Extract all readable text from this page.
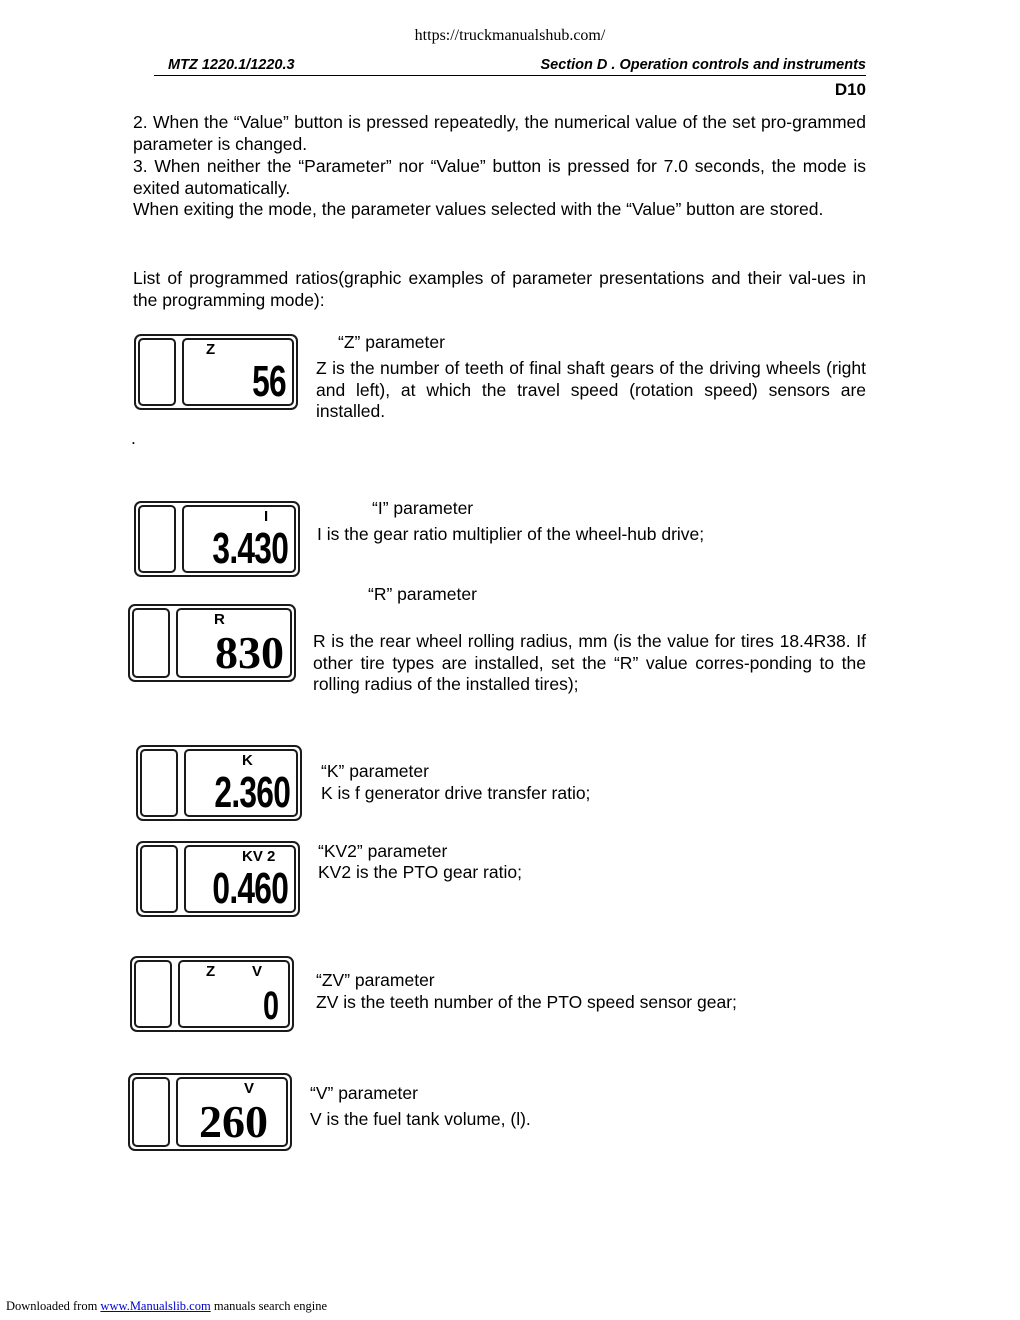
https://truckmanualshub.com/
MTZ 1220.1/1220.3	Section D . Operation controls and instruments
D10
2. When the “Value” button is pressed repeatedly, the numerical value of the set pro-grammed parameter is changed.
3. When neither the “Parameter” nor “Value” button is pressed for 7.0 seconds, the mode is exited automatically.
When exiting the mode, the parameter values selected with the “Value” button are stored.
List of programmed ratios(graphic examples of parameter presentations and their val-ues in the programming mode):
Z
56
“Z” parameter
Z is the number of teeth of final shaft gears of the driving wheels (right and left), at which the travel speed (rotation speed) sensors are installed.
.
I
3.430
“I” parameter
I is the gear ratio multiplier of the wheel-hub drive;
R
830
“R” parameter
R is the rear wheel rolling radius, mm (is the value for tires 18.4R38. If other tire types are installed, set the “R” value corres-ponding to the rolling radius of the installed tires);
K
2.360 “K” parameter
K is f generator drive transfer ratio;
KV 2
0.460
“KV2” parameter
KV2 is the PTO gear ratio;
Z V
0
“ZV” parameter
ZV is the teeth number of the PTO speed sensor gear;
V
260
“V” parameter
V is the fuel tank volume, (l).
Downloaded from www.Manualslib.com manuals search engine
